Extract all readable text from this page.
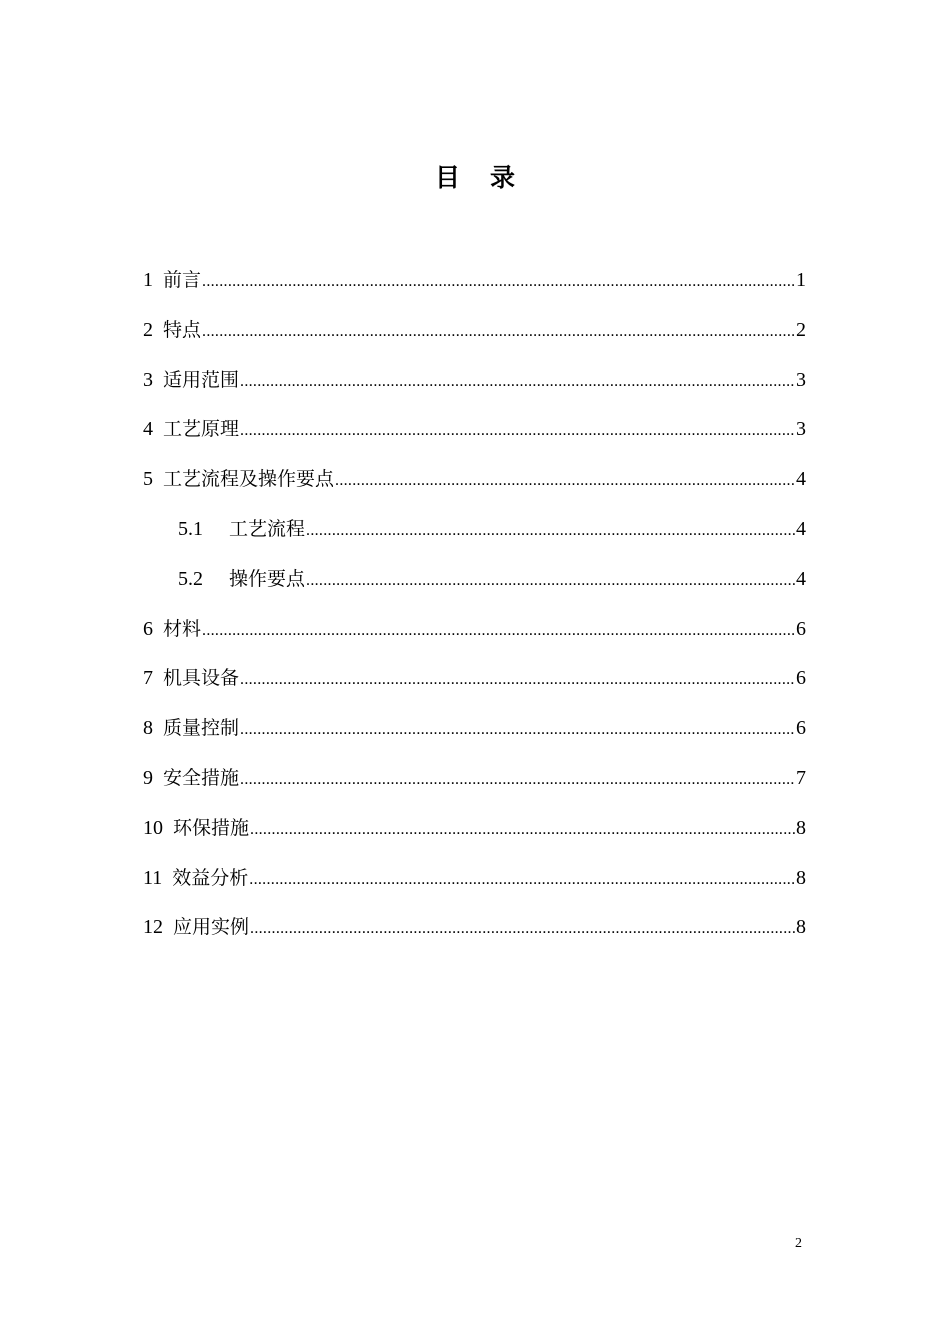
目 录
1 前言 .....	1
2 特点 .....	2
3 适用范围 .....	3
4 工艺原理 .....	3
5 工艺流程及操作要点 .....	4
5.1 工艺流程 .....	4
5.2 操作要点 .....	4
6 材料 .....	6
7 机具设备 .....	6
8 质量控制 .....	6
9 安全措施 .....	7
10 环保措施 .....	8
11 效益分析 .....	8
12 应用实例 .....	8
2
